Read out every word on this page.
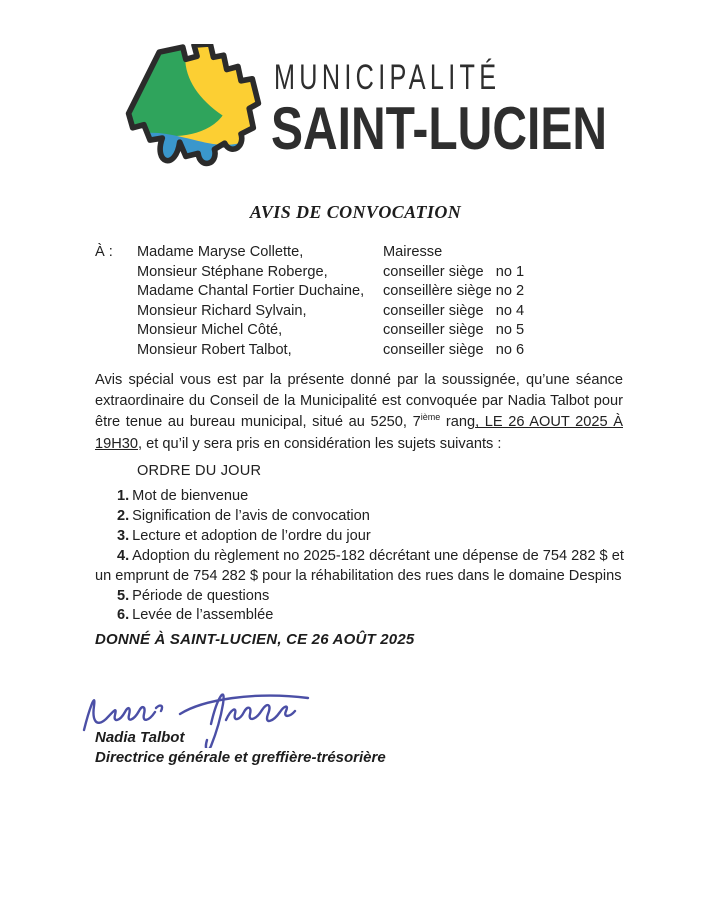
MUNICIPALITÉ
SAINT-LUCIEN
AVIS DE CONVOCATION
À :	Madame Maryse Collette,	Mairesse
Monsieur Stéphane Roberge,	conseiller siège   no 1
Madame Chantal Fortier Duchaine,	conseillère siège no 2
Monsieur Richard Sylvain,	conseiller siège   no 4
Monsieur Michel Côté,	conseiller siège   no 5
Monsieur Robert Talbot,	conseiller siège   no 6
Avis spécial vous est par la présente donné par la soussignée, qu’une séance extraordinaire du Conseil de la Municipalité est convoquée par Nadia Talbot pour être tenue au bureau municipal, situé au 5250, 7ième rang, LE 26 AOUT 2025 À 19H30, et qu’il y sera pris en considération les sujets suivants :
ORDRE DU JOUR
1. Mot de bienvenue
2. Signification de l’avis de convocation
3. Lecture et adoption de l’ordre du jour
4. Adoption du règlement no 2025-182 décrétant une dépense de 754 282 $ et un emprunt de 754 282 $ pour la réhabilitation des rues dans le domaine Despins
5. Période de questions
6. Levée de l’assemblée
DONNÉ À SAINT-LUCIEN, CE 26 AOÛT 2025
Nadia Talbot
Directrice générale et greffière-trésorière
